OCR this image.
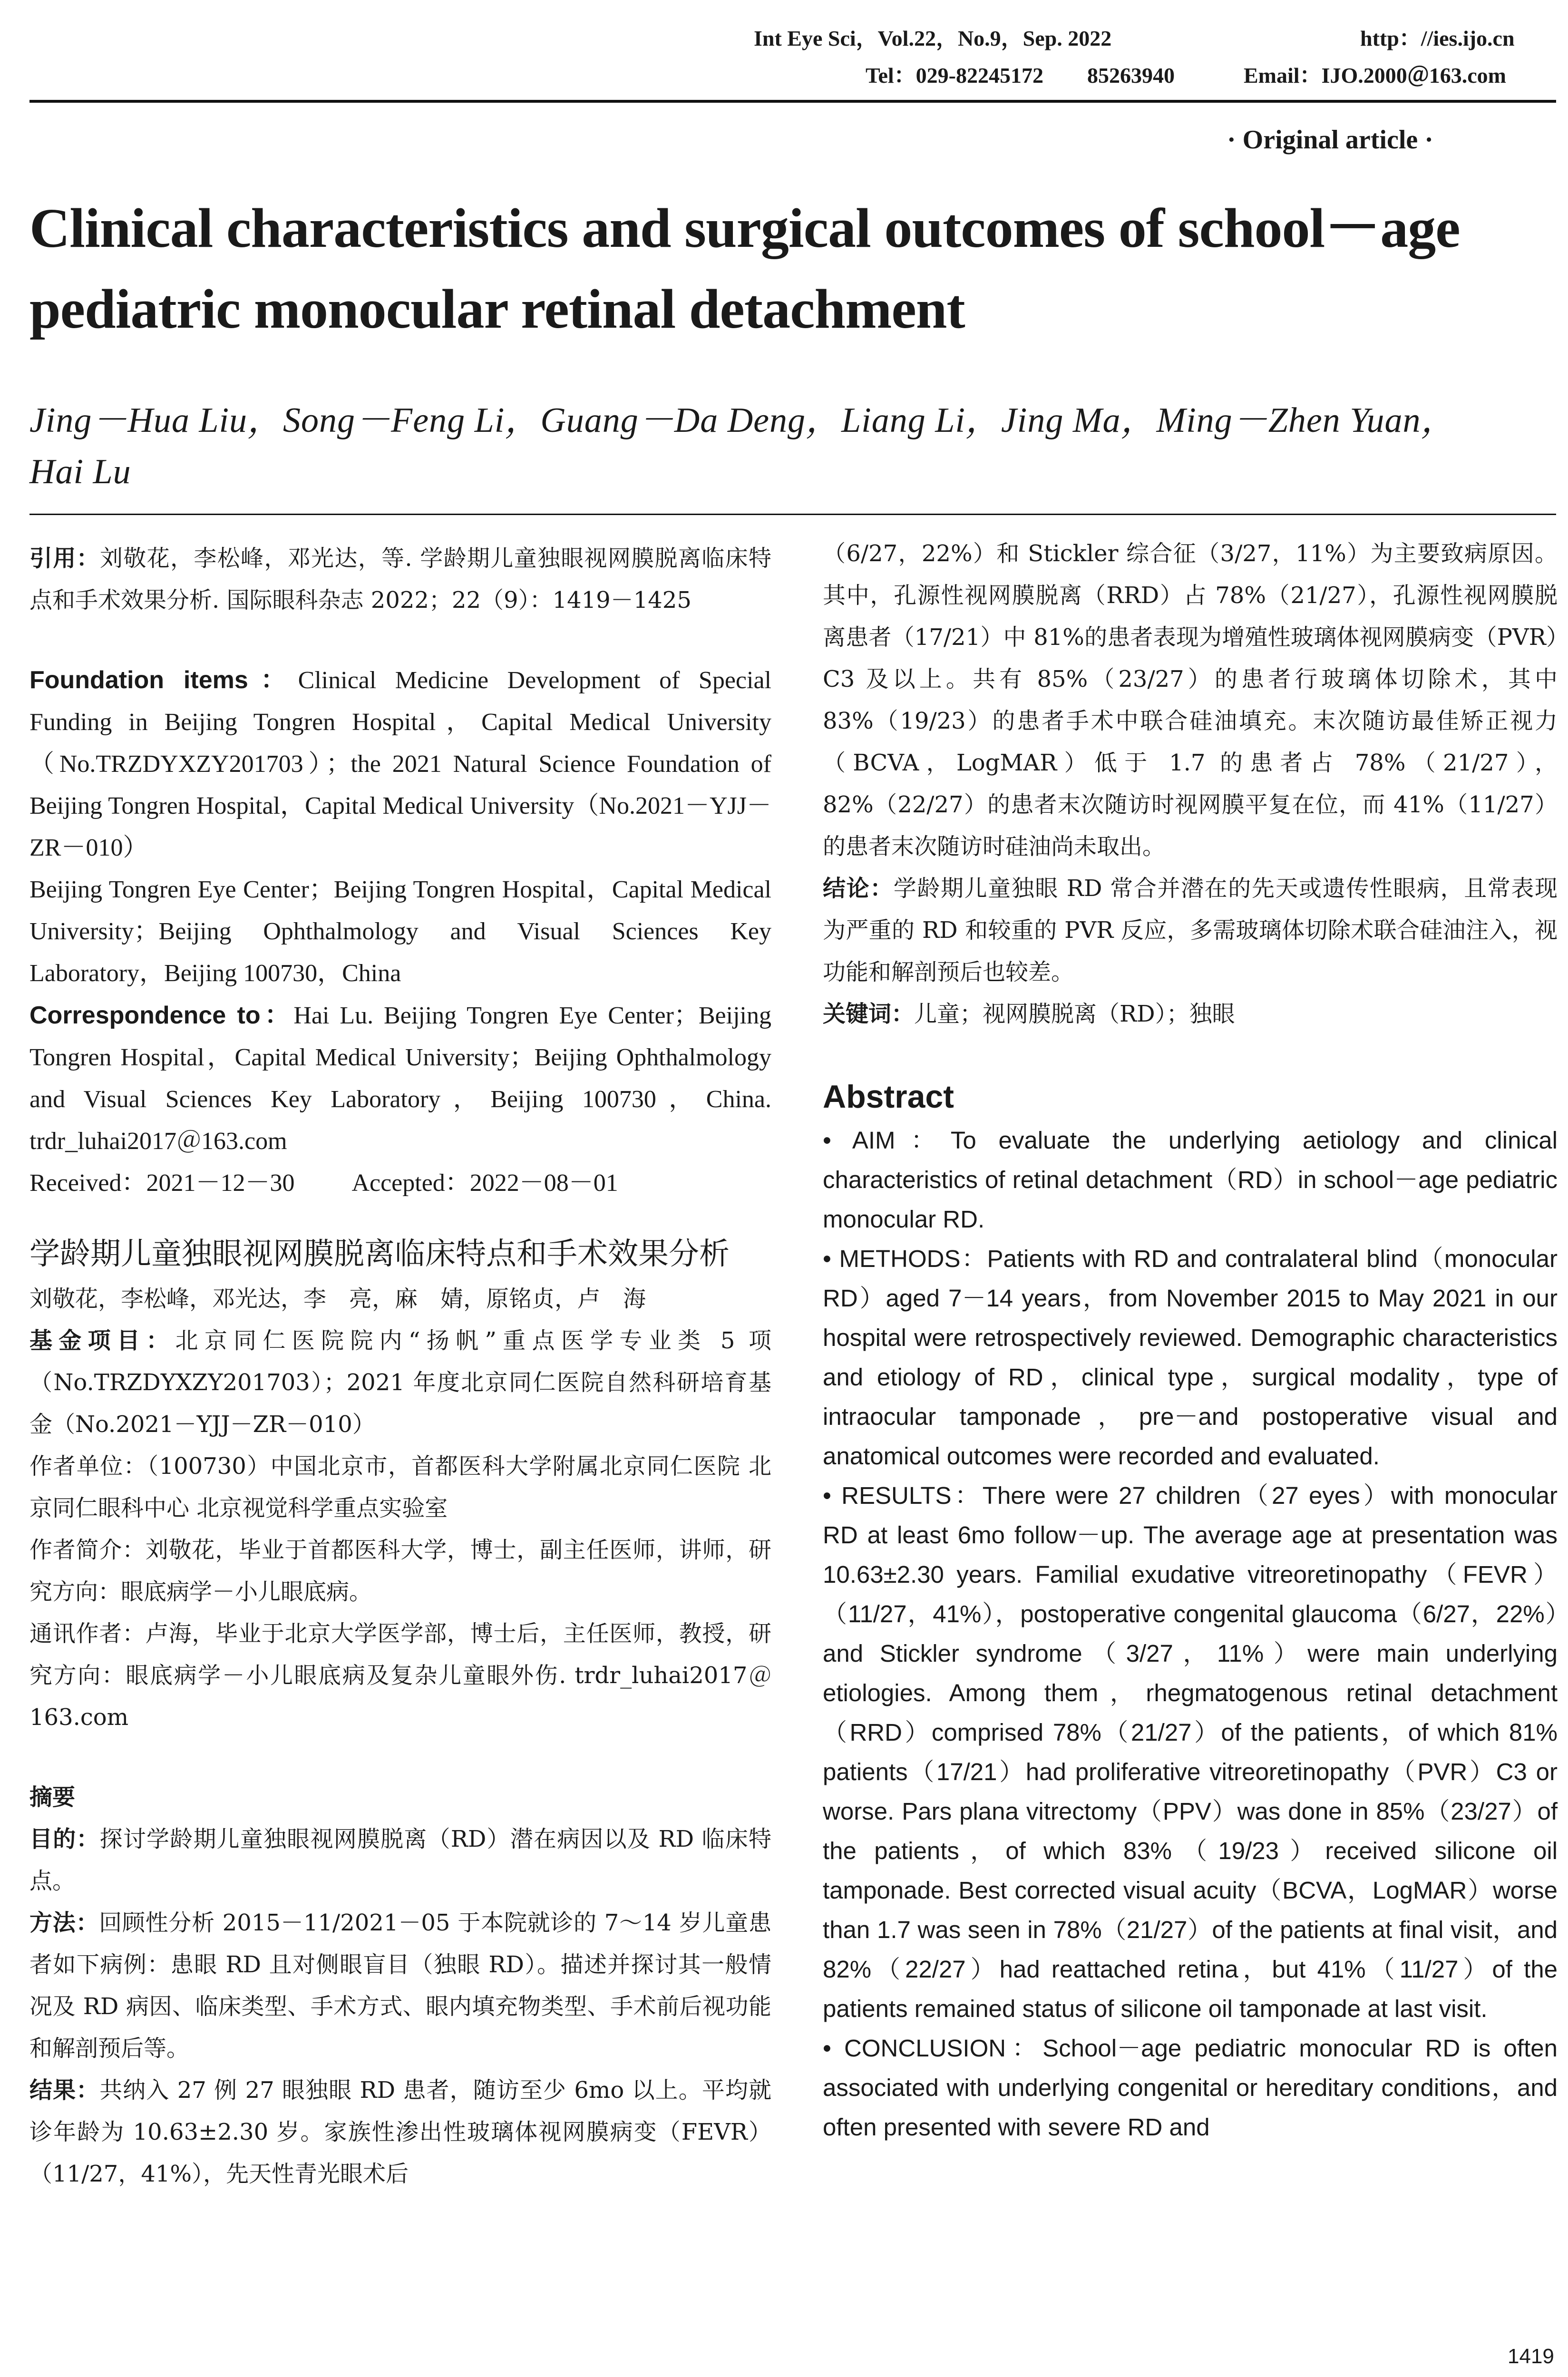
Int Eye Sci，Vol.22，No.9，Sep. 2022	http：//ies.ijo.cn
Tel：029-82245172　　85263940	Email：IJO.2000＠163.com
· Original article ·
Clinical characteristics and surgical outcomes of school－age
pediatric monocular retinal detachment
Jing－Hua Liu，Song－Feng Li，Guang－Da Deng，Liang Li，Jing Ma，Ming－Zhen Yuan，
Hai Lu

引用：刘敬花，李松峰，邓光达，等. 学龄期儿童独眼视网膜脱离临床特点和手术效果分析. 国际眼科杂志 2022；22（9）：1419－1425

Foundation items：Clinical Medicine Development of Special Funding in Beijing Tongren Hospital，Capital Medical University（No.TRZDYXZY201703）；the 2021 Natural Science Foundation of Beijing Tongren Hospital，Capital Medical University（No.2021－YJJ－ZR－010）

Beijing Tongren Eye Center；Beijing Tongren Hospital，Capital Medical University；Beijing Ophthalmology and Visual Sciences Key Laboratory，Beijing 100730，China

Correspondence to：Hai Lu. Beijing Tongren Eye Center；Beijing Tongren Hospital，Capital Medical University；Beijing Ophthalmology and Visual Sciences Key Laboratory，Beijing 100730，China. trdr_luhai2017＠163.com

Received：2021－12－30 Accepted：2022－08－01

学龄期儿童独眼视网膜脱离临床特点和手术效果分析

刘敬花，李松峰，邓光达，李　亮，麻　婧，原铭贞，卢　海

基金项目：北京同仁医院院内“扬帆”重点医学专业类 5 项（No.TRZDYXZY201703）；2021 年度北京同仁医院自然科研培育基金（No.2021－YJJ－ZR－010）

作者单位：（100730）中国北京市，首都医科大学附属北京同仁医院 北京同仁眼科中心 北京视觉科学重点实验室

作者简介：刘敬花，毕业于首都医科大学，博士，副主任医师，讲师，研究方向：眼底病学－小儿眼底病。

通讯作者：卢海，毕业于北京大学医学部，博士后，主任医师，教授，研究方向：眼底病学－小儿眼底病及复杂儿童眼外伤. trdr_luhai2017＠163.com

摘要

目的：探讨学龄期儿童独眼视网膜脱离（RD）潜在病因以及 RD 临床特点。

方法：回顾性分析 2015－11/2021－05 于本院就诊的 7～14 岁儿童患者如下病例：患眼 RD 且对侧眼盲目（独眼 RD）。描述并探讨其一般情况及 RD 病因、临床类型、手术方式、眼内填充物类型、手术前后视功能和解剖预后等。

结果：共纳入 27 例 27 眼独眼 RD 患者，随访至少 6mo 以上。平均就诊年龄为 10.63±2.30 岁。家族性渗出性玻璃体视网膜病变（FEVR）（11/27，41%），先天性青光眼术后

（6/27，22%）和 Stickler 综合征（3/27，11%）为主要致病原因。其中，孔源性视网膜脱离（RRD）占 78%（21/27），孔源性视网膜脱离患者（17/21）中 81%的患者表现为增殖性玻璃体视网膜病变（PVR）C3 及以上。共有 85%（23/27）的患者行玻璃体切除术，其中 83%（19/23）的患者手术中联合硅油填充。末次随访最佳矫正视力（BCVA，LogMAR）低于 1.7 的患者占 78%（21/27），82%（22/27）的患者末次随访时视网膜平复在位，而 41%（11/27）的患者末次随访时硅油尚未取出。

结论：学龄期儿童独眼 RD 常合并潜在的先天或遗传性眼病，且常表现为严重的 RD 和较重的 PVR 反应，多需玻璃体切除术联合硅油注入，视功能和解剖预后也较差。

关键词：儿童；视网膜脱离（RD）；独眼

Abstract

• AIM：To evaluate the underlying aetiology and clinical characteristics of retinal detachment（RD）in school－age pediatric monocular RD.

• METHODS：Patients with RD and contralateral blind（monocular RD）aged 7－14 years，from November 2015 to May 2021 in our hospital were retrospectively reviewed. Demographic characteristics and etiology of RD，clinical type，surgical modality，type of intraocular tamponade，pre－and postoperative visual and anatomical outcomes were recorded and evaluated.

• RESULTS：There were 27 children（27 eyes）with monocular RD at least 6mo follow－up. The average age at presentation was 10.63±2.30 years. Familial exudative vitreoretinopathy（FEVR）（11/27，41%），postoperative congenital glaucoma（6/27，22%）and Stickler syndrome（3/27，11%）were main underlying etiologies. Among them，rhegmatogenous retinal detachment（RRD）comprised 78%（21/27）of the patients，of which 81% patients（17/21）had proliferative vitreoretinopathy（PVR）C3 or worse. Pars plana vitrectomy（PPV）was done in 85%（23/27）of the patients，of which 83%（19/23）received silicone oil tamponade. Best corrected visual acuity（BCVA，LogMAR）worse than 1.7 was seen in 78%（21/27）of the patients at final visit，and 82%（22/27）had reattached retina，but 41%（11/27）of the patients remained status of silicone oil tamponade at last visit.

• CONCLUSION：School－age pediatric monocular RD is often associated with underlying congenital or hereditary conditions，and often presented with severe RD and

1419
